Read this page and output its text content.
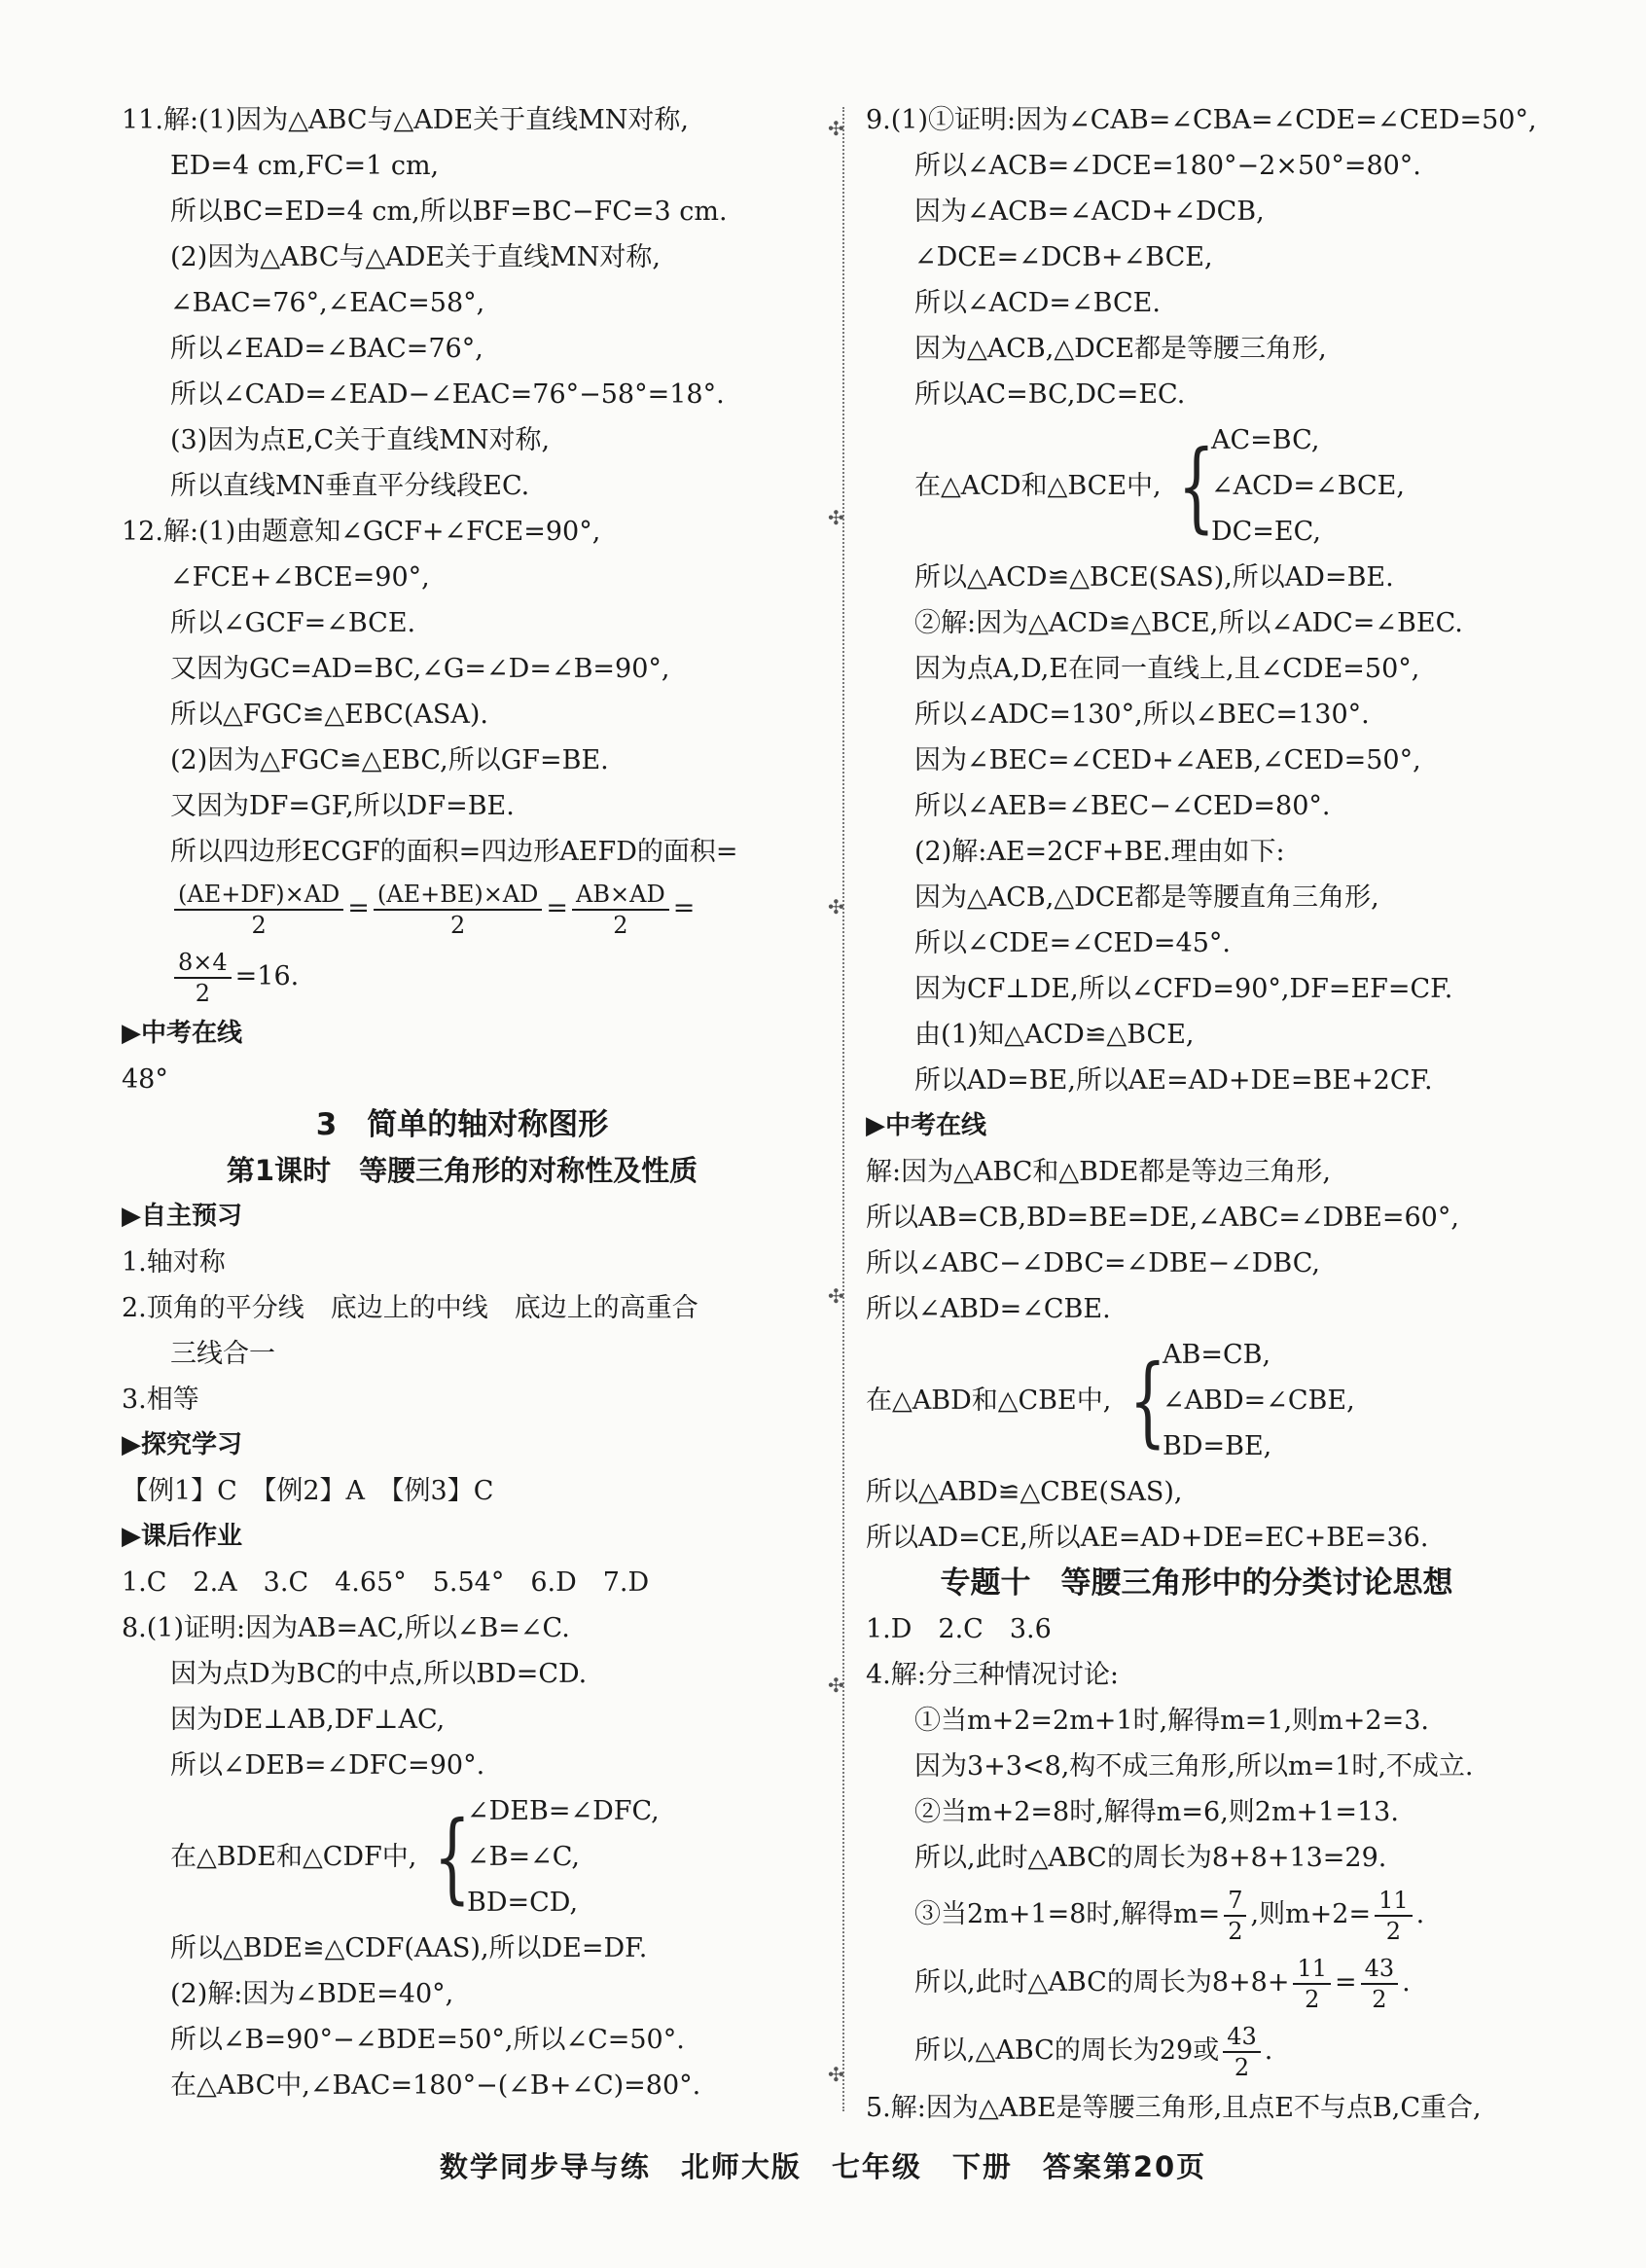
11.解:(1)因为△ABC与△ADE关于直线MN对称,
ED=4 cm,FC=1 cm,
所以BC=ED=4 cm,所以BF=BC−FC=3 cm.
(2)因为△ABC与△ADE关于直线MN对称,
∠BAC=76°,∠EAC=58°,
所以∠EAD=∠BAC=76°,
所以∠CAD=∠EAD−∠EAC=76°−58°=18°.
(3)因为点E,C关于直线MN对称,
所以直线MN垂直平分线段EC.
12.解:(1)由题意知∠GCF+∠FCE=90°,
∠FCE+∠BCE=90°,
所以∠GCF=∠BCE.
又因为GC=AD=BC,∠G=∠D=∠B=90°,
所以△FGC≌△EBC(ASA).
(2)因为△FGC≌△EBC,所以GF=BE.
又因为DF=GF,所以DF=BE.
所以四边形ECGF的面积=四边形AEFD的面积=
$\frac{(AE+DF)\times AD}{2} = \frac{(AE+BE)\times AD}{2} = \frac{AB\times AD}{2}$ =
$\frac{8\times 4}{2} =16$.
▶中考在线
48°
3　简单的轴对称图形
第1课时　等腰三角形的对称性及性质
▶自主预习
1.轴对称
2.顶角的平分线　底边上的中线　底边上的高重合
三线合一
3.相等
▶探究学习
【例1】C　【例2】A　【例3】C
▶课后作业
1.C　2.A　3.C　4.65°　5.54°　6.D　7.D
8.(1)证明:因为AB=AC,所以∠B=∠C.
因为点D为BC的中点,所以BD=CD.
因为DE⊥AB,DF⊥AC,
所以∠DEB=∠DFC=90°.
在△BDE和△CDF中, {
∠DEB=∠DFC,
∠B=∠C,
BD=CD,
所以△BDE≌△CDF(AAS),所以DE=DF.
(2)解:因为∠BDE=40°,
所以∠B=90°−∠BDE=50°,所以∠C=50°.
在△ABC中,∠BAC=180°−(∠B+∠C)=80°.
✣
✣
✣
✣
✣
✣
9.(1)①证明:因为∠CAB=∠CBA=∠CDE=∠CED=50°,
所以∠ACB=∠DCE=180°−2×50°=80°.
因为∠ACB=∠ACD+∠DCB,
∠DCE=∠DCB+∠BCE,
所以∠ACD=∠BCE.
因为△ACB,△DCE都是等腰三角形,
所以AC=BC,DC=EC.
在△ACD和△BCE中, {
AC=BC,
∠ACD=∠BCE,
DC=EC,
所以△ACD≌△BCE(SAS),所以AD=BE.
②解:因为△ACD≌△BCE,所以∠ADC=∠BEC.
因为点A,D,E在同一直线上,且∠CDE=50°,
所以∠ADC=130°,所以∠BEC=130°.
因为∠BEC=∠CED+∠AEB,∠CED=50°,
所以∠AEB=∠BEC−∠CED=80°.
(2)解:AE=2CF+BE.理由如下:
因为△ACB,△DCE都是等腰直角三角形,
所以∠CDE=∠CED=45°.
因为CF⊥DE,所以∠CFD=90°,DF=EF=CF.
由(1)知△ACD≌△BCE,
所以AD=BE,所以AE=AD+DE=BE+2CF.
▶中考在线
解:因为△ABC和△BDE都是等边三角形,
所以AB=CB,BD=BE=DE,∠ABC=∠DBE=60°,
所以∠ABC−∠DBC=∠DBE−∠DBC,
所以∠ABD=∠CBE.
在△ABD和△CBE中, {
AB=CB,
∠ABD=∠CBE,
BD=BE,
所以△ABD≌△CBE(SAS),
所以AD=CE,所以AE=AD+DE=EC+BE=36.
专题十　等腰三角形中的分类讨论思想
1.D　2.C　3.6
4.解:分三种情况讨论:
①当m+2=2m+1时,解得m=1,则m+2=3.
因为3+3<8,构不成三角形,所以m=1时,不成立.
②当m+2=8时,解得m=6,则2m+1=13.
所以,此时△ABC的周长为8+8+13=29.
③当2m+1=8时,解得$m= \frac{7}{2}$ ,则$m+2= \frac{11}{2}$ .
所以,此时△ABC的周长为$8+8+ \frac{11}{2} = \frac{43}{2}$ .
所以,△ABC的周长为29或 $\frac{43}{2}$ .
5.解:因为△ABE是等腰三角形,且点E不与点B,C重合,
数学同步导与练　北师大版　七年级　下册　答案第20页
